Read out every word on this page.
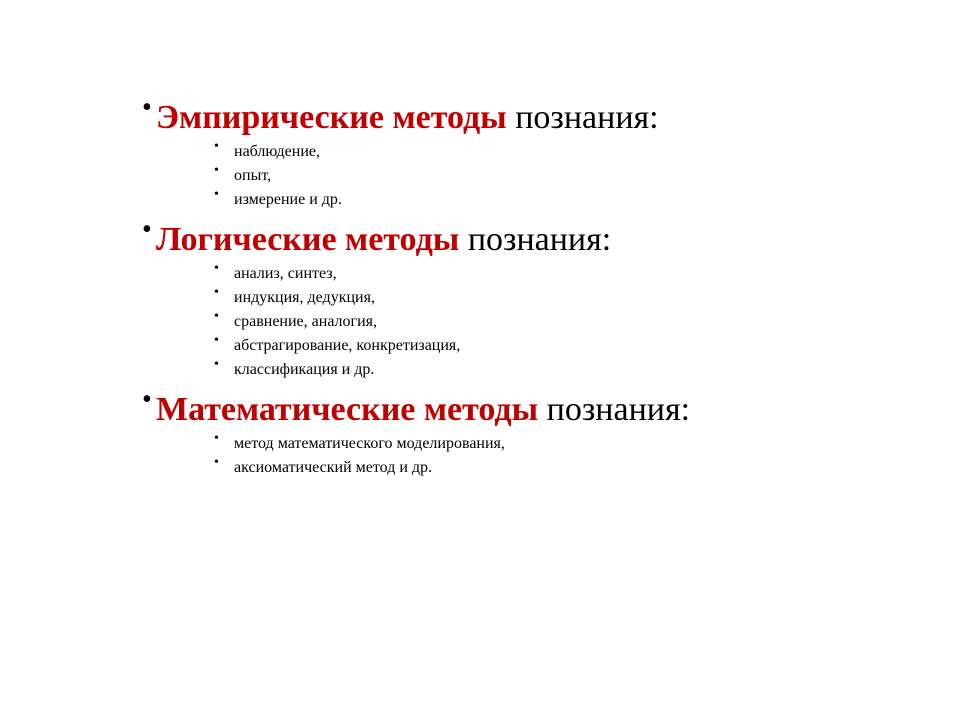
• Эмпирические методы познания:

• наблюдение,
• опыт,
• измерение и др.

• Логические методы познания:

• анализ, синтез,
• индукция, дедукция,
• сравнение, аналогия,
• абстрагирование, конкретизация,
• классификация и др.

• Математические методы познания:

• метод математического моделирования,
• аксиоматический метод и др.
